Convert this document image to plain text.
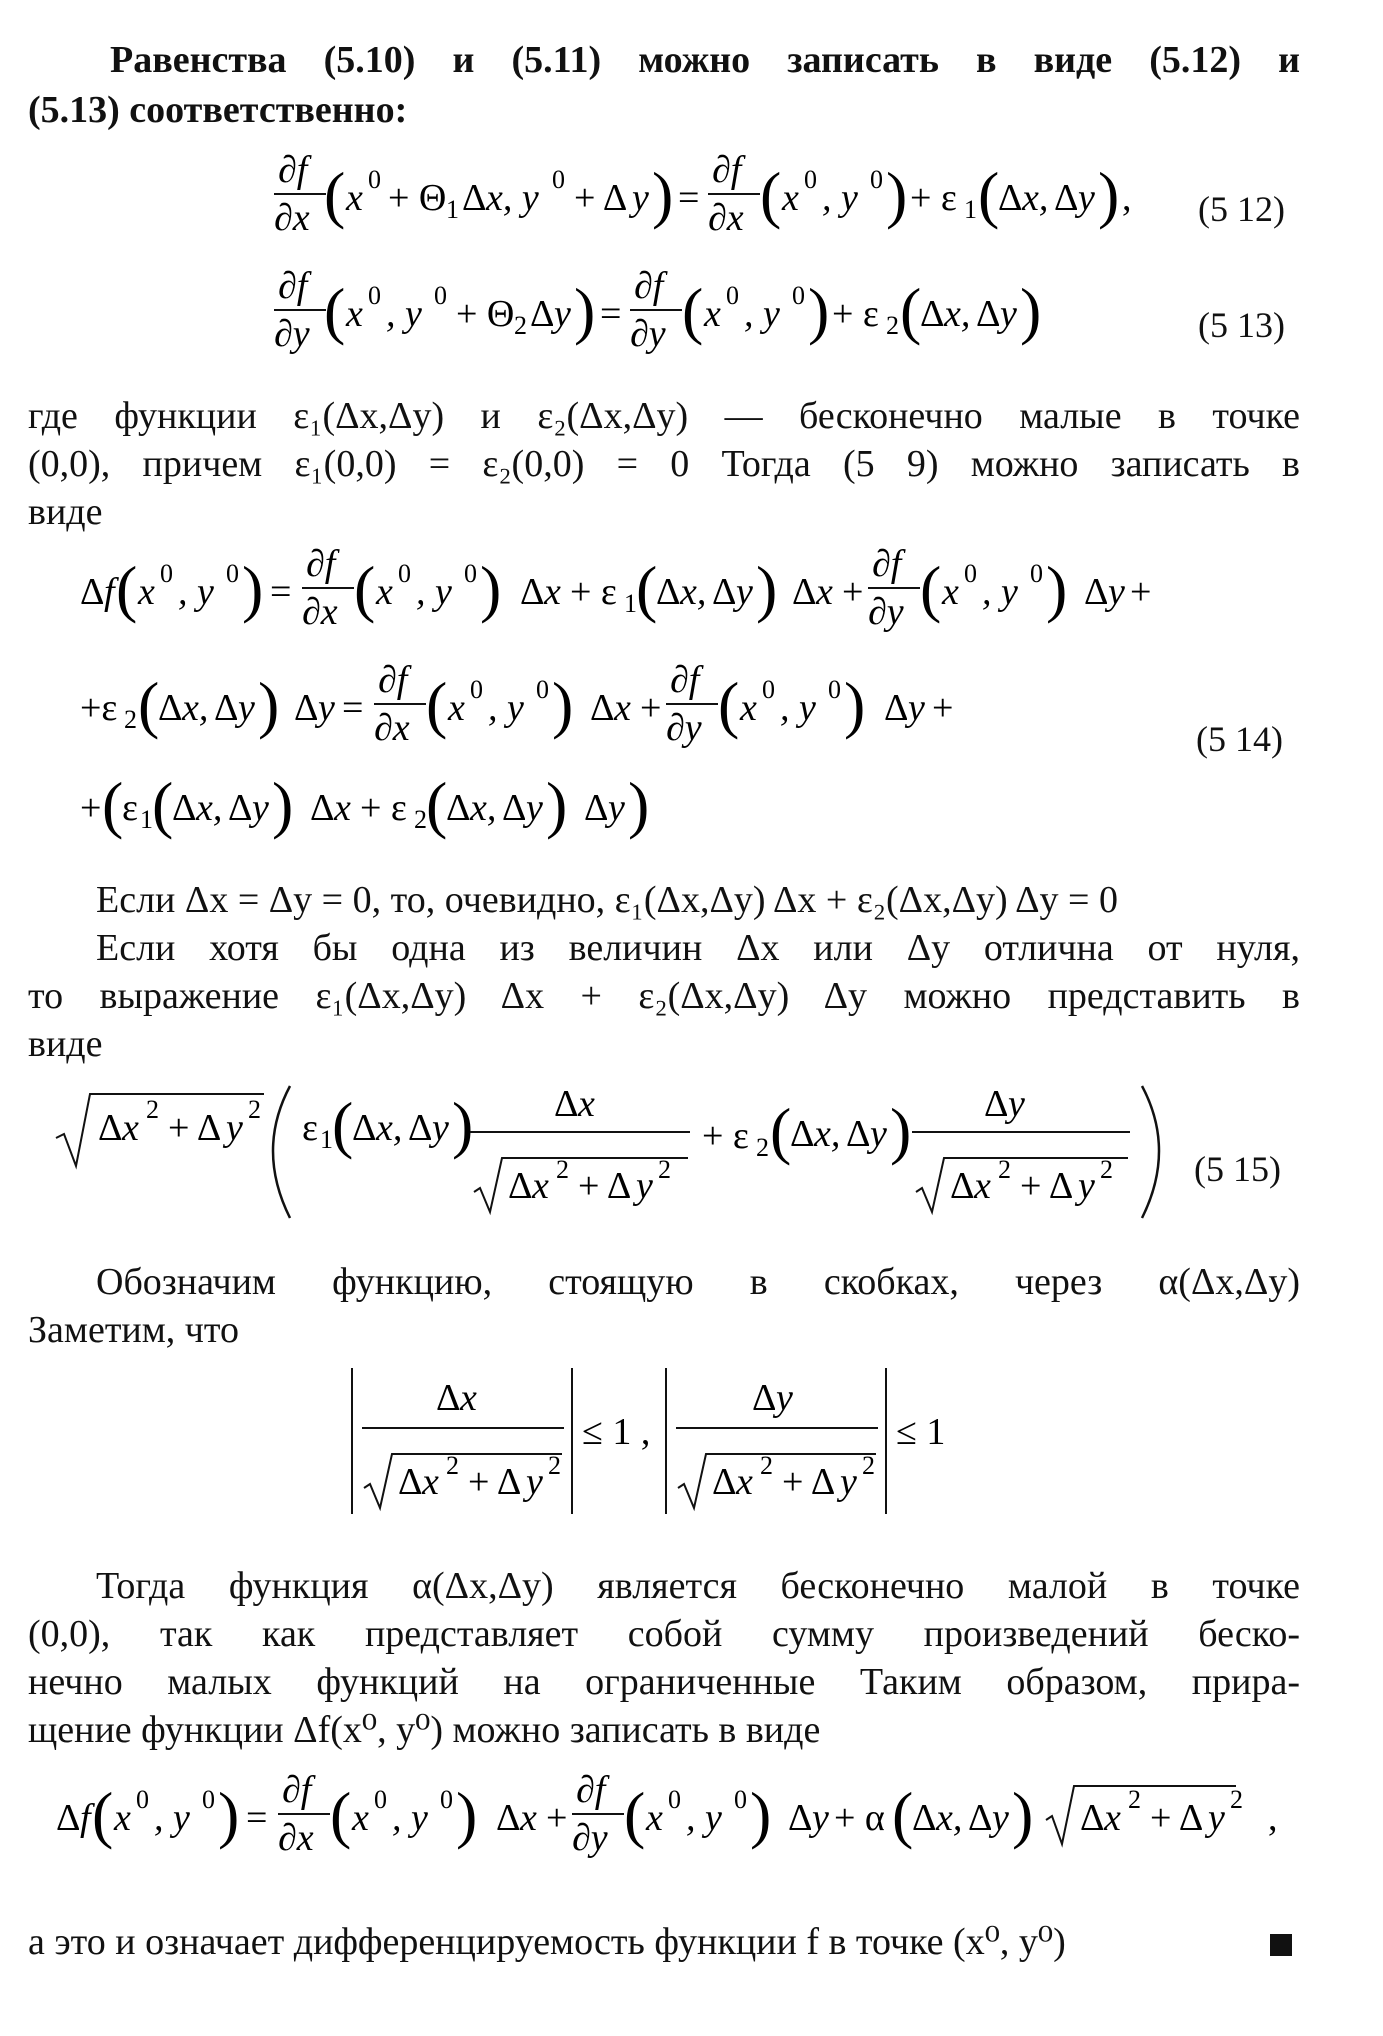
Равенства (5.10) и (5.11) можно записать в виде (5.12) и
(5.13) соответственно:
∂f
∂x ( x 0 + Θ 1 Δ x, y 0 + Δ y ) =
∂f
∂x ( x 0 , y 0 ) + ε 1 (
Δ x, Δ y ) , (5 12)
∂f
∂y ( x 0 , y 0 + Θ 2 Δ y ) =
∂f
∂y ( x 0 , y 0 ) + ε 2 (
Δ x, Δ y )	(5 13)
где функции ε₁(Δx,Δy) и ε₂(Δx,Δy) — бесконечно малые в точке
(0,0), причем ε₁(0,0) = ε₂(0,0) = 0 Тогда (5 9) можно записать в
виде
Δ f ( x 0 , y 0 ) =
∂f
∂x ( x 0 , y 0 ) Δ x + ε 1 (
Δ x, Δ y ) Δ x +
∂f
∂y ( x 0 , y 0 ) Δ y +
+ε 2 (
Δ x, Δ y ) Δ y =
∂f
∂x ( x 0 , y 0 ) Δ x +
∂f
∂y ( x 0 , y 0 ) Δ y +
+ (
ε 1 (
Δ x, Δ y ) Δ x + ε 2 (
Δ x, Δ y ) Δ y )
(5 14)
Если Δx = Δy = 0, то, очевидно, ε₁(Δx,Δy) Δx + ε₂(Δx,Δy) Δy = 0
Если хотя бы одна из величин Δx или Δy отлична от нуля,
то выражение ε₁(Δx,Δy) Δx + ε₂(Δx,Δy) Δy можно представить в
виде
Δ x 2 + Δ y 2 ε 1 (
Δ x, Δ y ) Δ x
Δ x 2 + Δ y 2
+ ε 2 (
Δ x, Δ y ) Δ y
Δ x 2 + Δ y 2 (5 15)
Обозначим функцию, стоящую в скобках, через α(Δx,Δy)
Заметим, что
Δ x
Δ x 2 + Δ y 2
≤ 1 ,
Δ y
Δ x 2 + Δ y 2
≤ 1
Тогда функция α(Δx,Δy) является бесконечно малой в точке
(0,0), так как представляет собой сумму произведений беско-
нечно малых функций на ограниченные Таким образом, прира-
щение функции Δf(x⁰, y⁰) можно записать в виде
Δ f ( x 0 , y 0 ) =
∂f
∂x ( x 0 , y 0 ) Δ x +
∂f
∂y ( x 0 , y 0 ) Δ y + α (
Δ x, Δ y ) Δ x 2 + Δ y 2 ,
а это и означает дифференцируемость функции f в точке (x⁰, y⁰)
